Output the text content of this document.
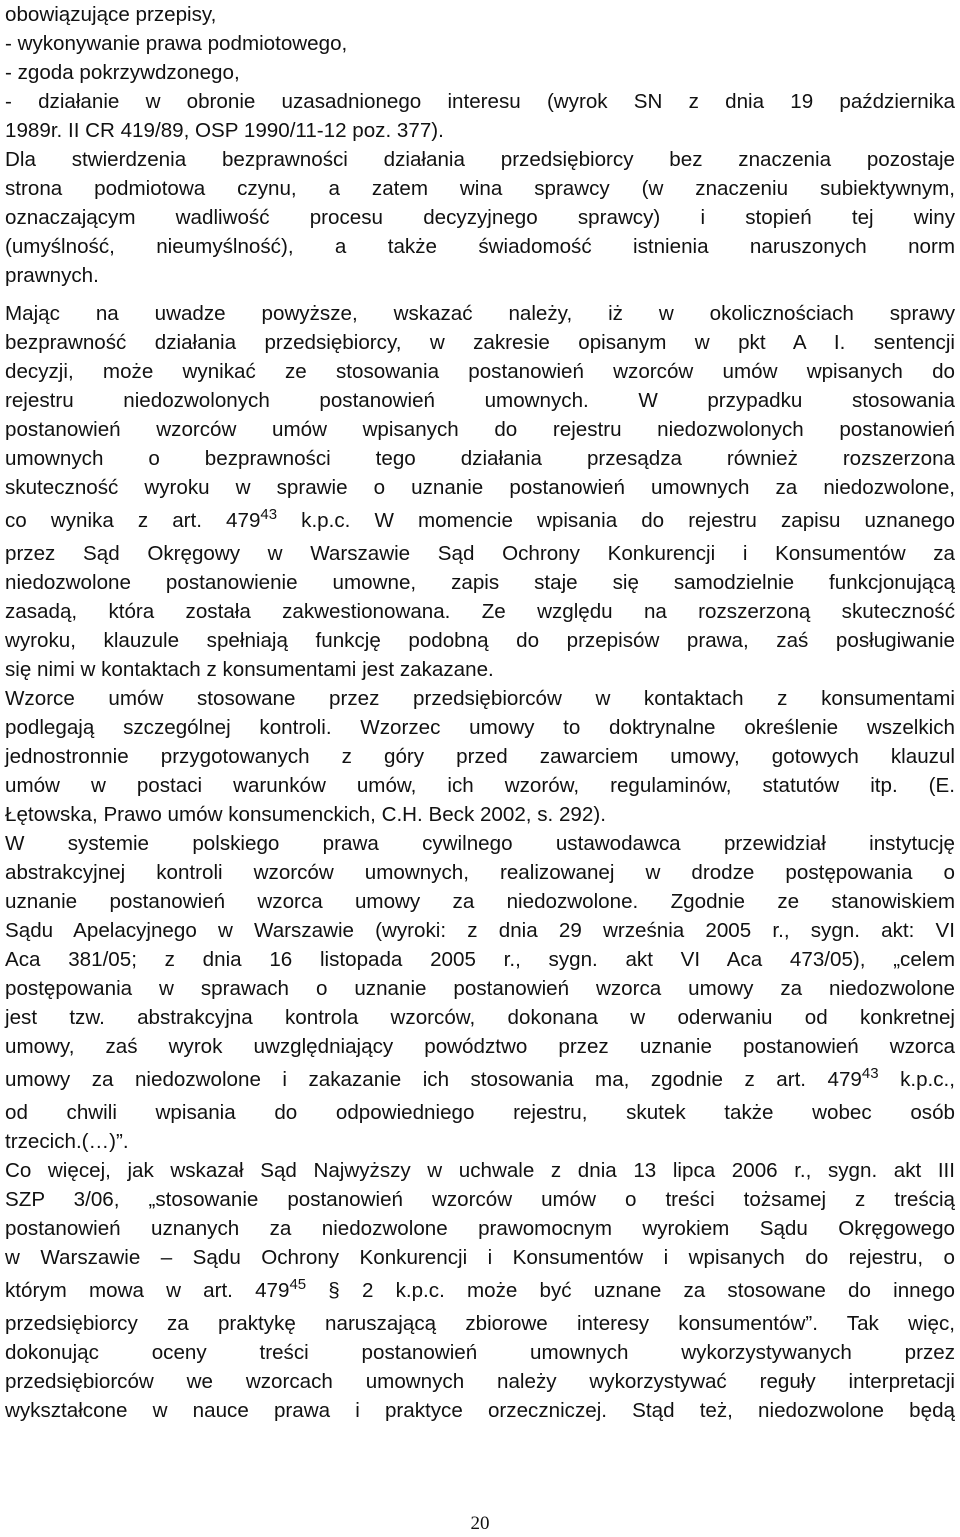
obowiązujące przepisy,
- wykonywanie prawa podmiotowego,
- zgoda pokrzywdzonego,
- działanie w obronie uzasadnionego interesu (wyrok SN z dnia 19 października
1989r. II CR 419/89, OSP 1990/11-12 poz. 377).
Dla stwierdzenia bezprawności działania przedsiębiorcy bez znaczenia pozostaje
strona podmiotowa czynu, a zatem wina sprawcy (w znaczeniu subiektywnym,
oznaczającym wadliwość procesu decyzyjnego sprawcy) i stopień tej winy
(umyślność, nieumyślność), a także świadomość istnienia naruszonych norm
prawnych.
Mając na uwadze powyższe, wskazać należy, iż w okolicznościach sprawy
bezprawność działania przedsiębiorcy, w zakresie opisanym w pkt A I. sentencji
decyzji, może wynikać ze stosowania postanowień wzorców umów wpisanych do
rejestru niedozwolonych postanowień umownych. W przypadku stosowania
postanowień wzorców umów wpisanych do rejestru niedozwolonych postanowień
umownych o bezprawności tego działania przesądza również rozszerzona
skuteczność wyroku w sprawie o uznanie postanowień umownych za niedozwolone,
co wynika z art. $479^{43}$ k.p.c. W momencie wpisania do rejestru zapisu uznanego
przez Sąd Okręgowy w Warszawie Sąd Ochrony Konkurencji i Konsumentów za
niedozwolone postanowienie umowne, zapis staje się samodzielnie funkcjonującą
zasadą, która została zakwestionowana. Ze względu na rozszerzoną skuteczność
wyroku, klauzule spełniają funkcję podobną do przepisów prawa, zaś posługiwanie
się nimi w kontaktach z konsumentami jest zakazane.
Wzorce umów stosowane przez przedsiębiorców w kontaktach z konsumentami
podlegają szczególnej kontroli. Wzorzec umowy to doktrynalne określenie wszelkich
jednostronnie przygotowanych z góry przed zawarciem umowy, gotowych klauzul
umów w postaci warunków umów, ich wzorów, regulaminów, statutów itp. (E.
Łętowska, Prawo umów konsumenckich, C.H. Beck 2002, s. 292).
W systemie polskiego prawa cywilnego ustawodawca przewidział instytucję
abstrakcyjnej kontroli wzorców umownych, realizowanej w drodze postępowania o
uznanie postanowień wzorca umowy za niedozwolone. Zgodnie ze stanowiskiem
Sądu Apelacyjnego w Warszawie (wyroki: z dnia 29 września 2005 r., sygn. akt: VI
Aca 381/05; z dnia 16 listopada 2005 r., sygn. akt VI Aca 473/05), „celem
postępowania w sprawach o uznanie postanowień wzorca umowy za niedozwolone
jest tzw. abstrakcyjna kontrola wzorców, dokonana w oderwaniu od konkretnej
umowy, zaś wyrok uwzględniający powództwo przez uznanie postanowień wzorca
umowy za niedozwolone i zakazanie ich stosowania ma, zgodnie z art. $479^{43}$ k.p.c.,
od chwili wpisania do odpowiedniego rejestru, skutek także wobec osób
trzecich.(…)”.
Co więcej, jak wskazał Sąd Najwyższy w uchwale z dnia 13 lipca 2006 r., sygn. akt III
SZP 3/06, „stosowanie postanowień wzorców umów o treści tożsamej z treścią
postanowień uznanych za niedozwolone prawomocnym wyrokiem Sądu Okręgowego
w Warszawie – Sądu Ochrony Konkurencji i Konsumentów i wpisanych do rejestru, o
którym mowa w art. $479^{45}$ § 2 k.p.c. może być uznane za stosowane do innego
przedsiębiorcy za praktykę naruszającą zbiorowe interesy konsumentów”. Tak więc,
dokonując oceny treści postanowień umownych wykorzystywanych przez
przedsiębiorców we wzorcach umownych należy wykorzystywać reguły interpretacji
wykształcone w nauce prawa i praktyce orzeczniczej. Stąd też, niedozwolone będą
20
